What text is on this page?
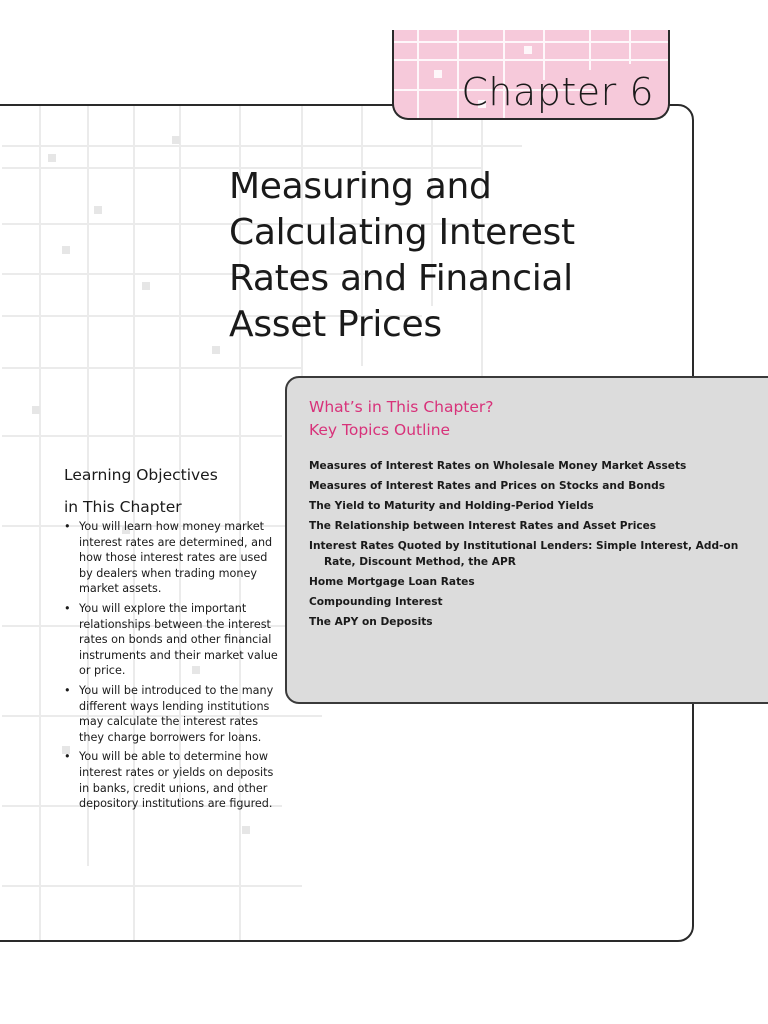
Chapter 6
Measuring and
Calculating Interest
Rates and Financial
Asset Prices
What’s in This Chapter?
Key Topics Outline
Measures of Interest Rates on Wholesale Money Market Assets
Measures of Interest Rates and Prices on Stocks and Bonds
The Yield to Maturity and Holding-Period Yields
The Relationship between Interest Rates and Asset Prices
Interest Rates Quoted by Institutional Lenders: Simple Interest, Add-on Rate, Discount Method, the APR
Home Mortgage Loan Rates
Compounding Interest
The APY on Deposits
Learning Objectives
in This Chapter
• You will learn how money market interest rates are determined, and how those interest rates are used by dealers when trading money market assets.
• You will explore the important relationships between the interest rates on bonds and other financial instruments and their market value or price.
• You will be introduced to the many different ways lending institutions may calculate the interest rates they charge borrowers for loans.
• You will be able to determine how interest rates or yields on deposits in banks, credit unions, and other depository institutions are figured.
